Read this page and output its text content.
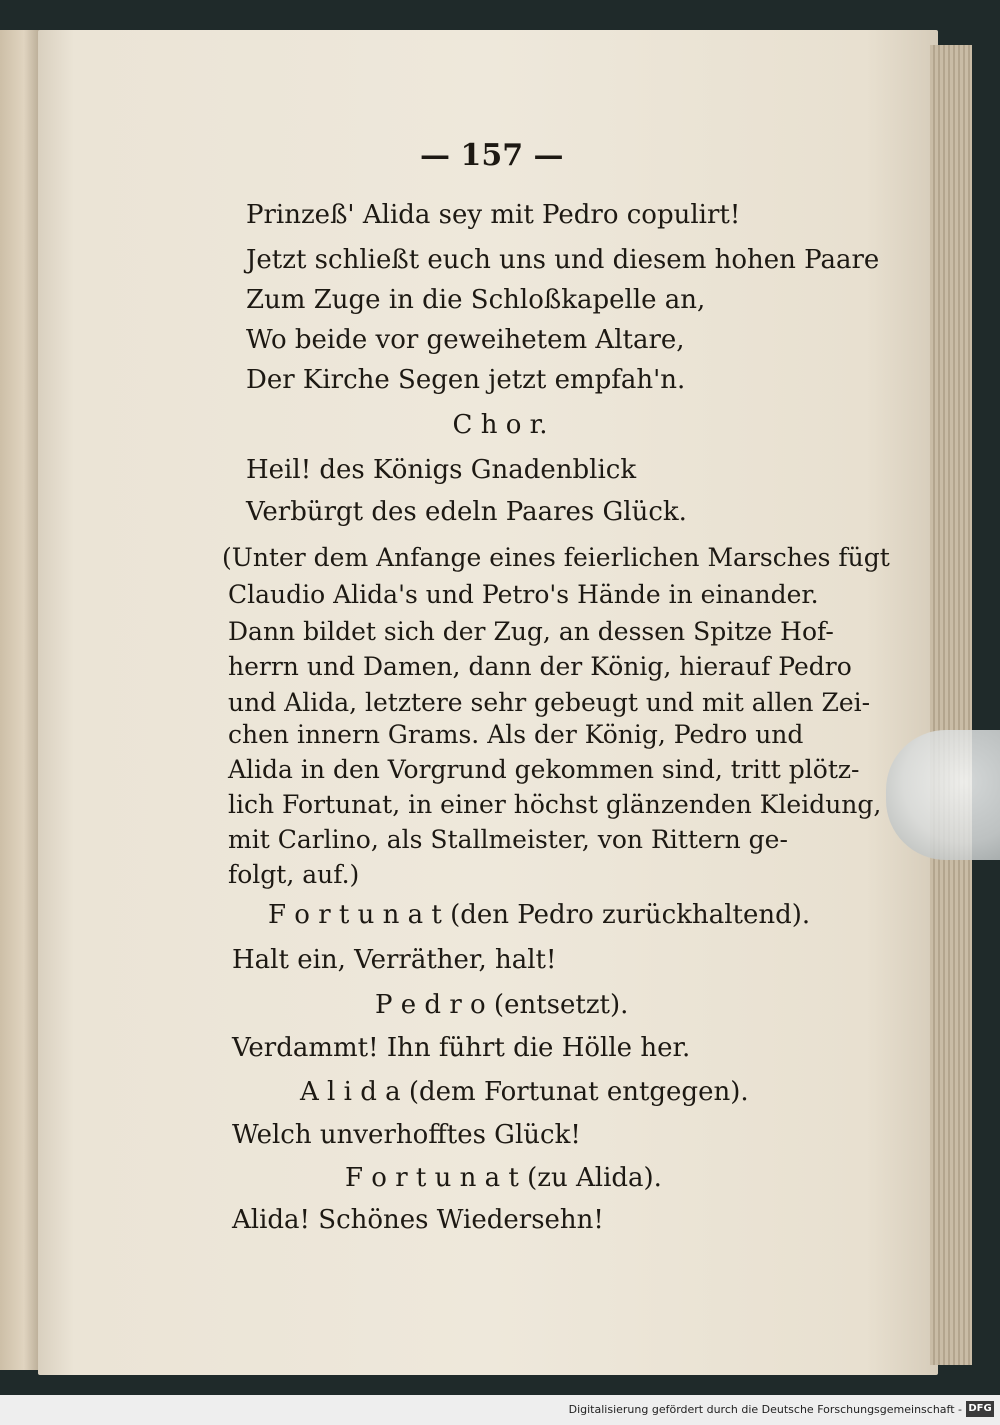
— 157 —
Prinzeß' Alida sey mit Pedro copulirt!
Jetzt schließt euch uns und diesem hohen Paare
Zum Zuge in die Schloßkapelle an,
Wo beide vor geweihetem Altare,
Der Kirche Segen jetzt empfah'n.
C h o r.
Heil! des Königs Gnadenblick
Verbürgt des edeln Paares Glück.
(Unter dem Anfange eines feierlichen Marsches fügt
Claudio Alida's und Petro's Hände in einander.
Dann bildet sich der Zug, an dessen Spitze Hof-
herrn und Damen, dann der König, hierauf Pedro
und Alida, letztere sehr gebeugt und mit allen Zei-
chen innern Grams. Als der König, Pedro und
Alida in den Vorgrund gekommen sind, tritt plötz-
lich Fortunat, in einer höchst glänzenden Kleidung,
mit Carlino, als Stallmeister, von Rittern ge-
folgt, auf.)
F o r t u n a t (den Pedro zurückhaltend).
Halt ein, Verräther, halt!
P e d r o (entsetzt).
Verdammt! Ihn führt die Hölle her.
A l i d a (dem Fortunat entgegen).
Welch unverhofftes Glück!
F o r t u n a t (zu Alida).
Alida! Schönes Wiedersehn!
Digitalisierung gefördert durch die Deutsche Forschungsgemeinschaft - DFG
